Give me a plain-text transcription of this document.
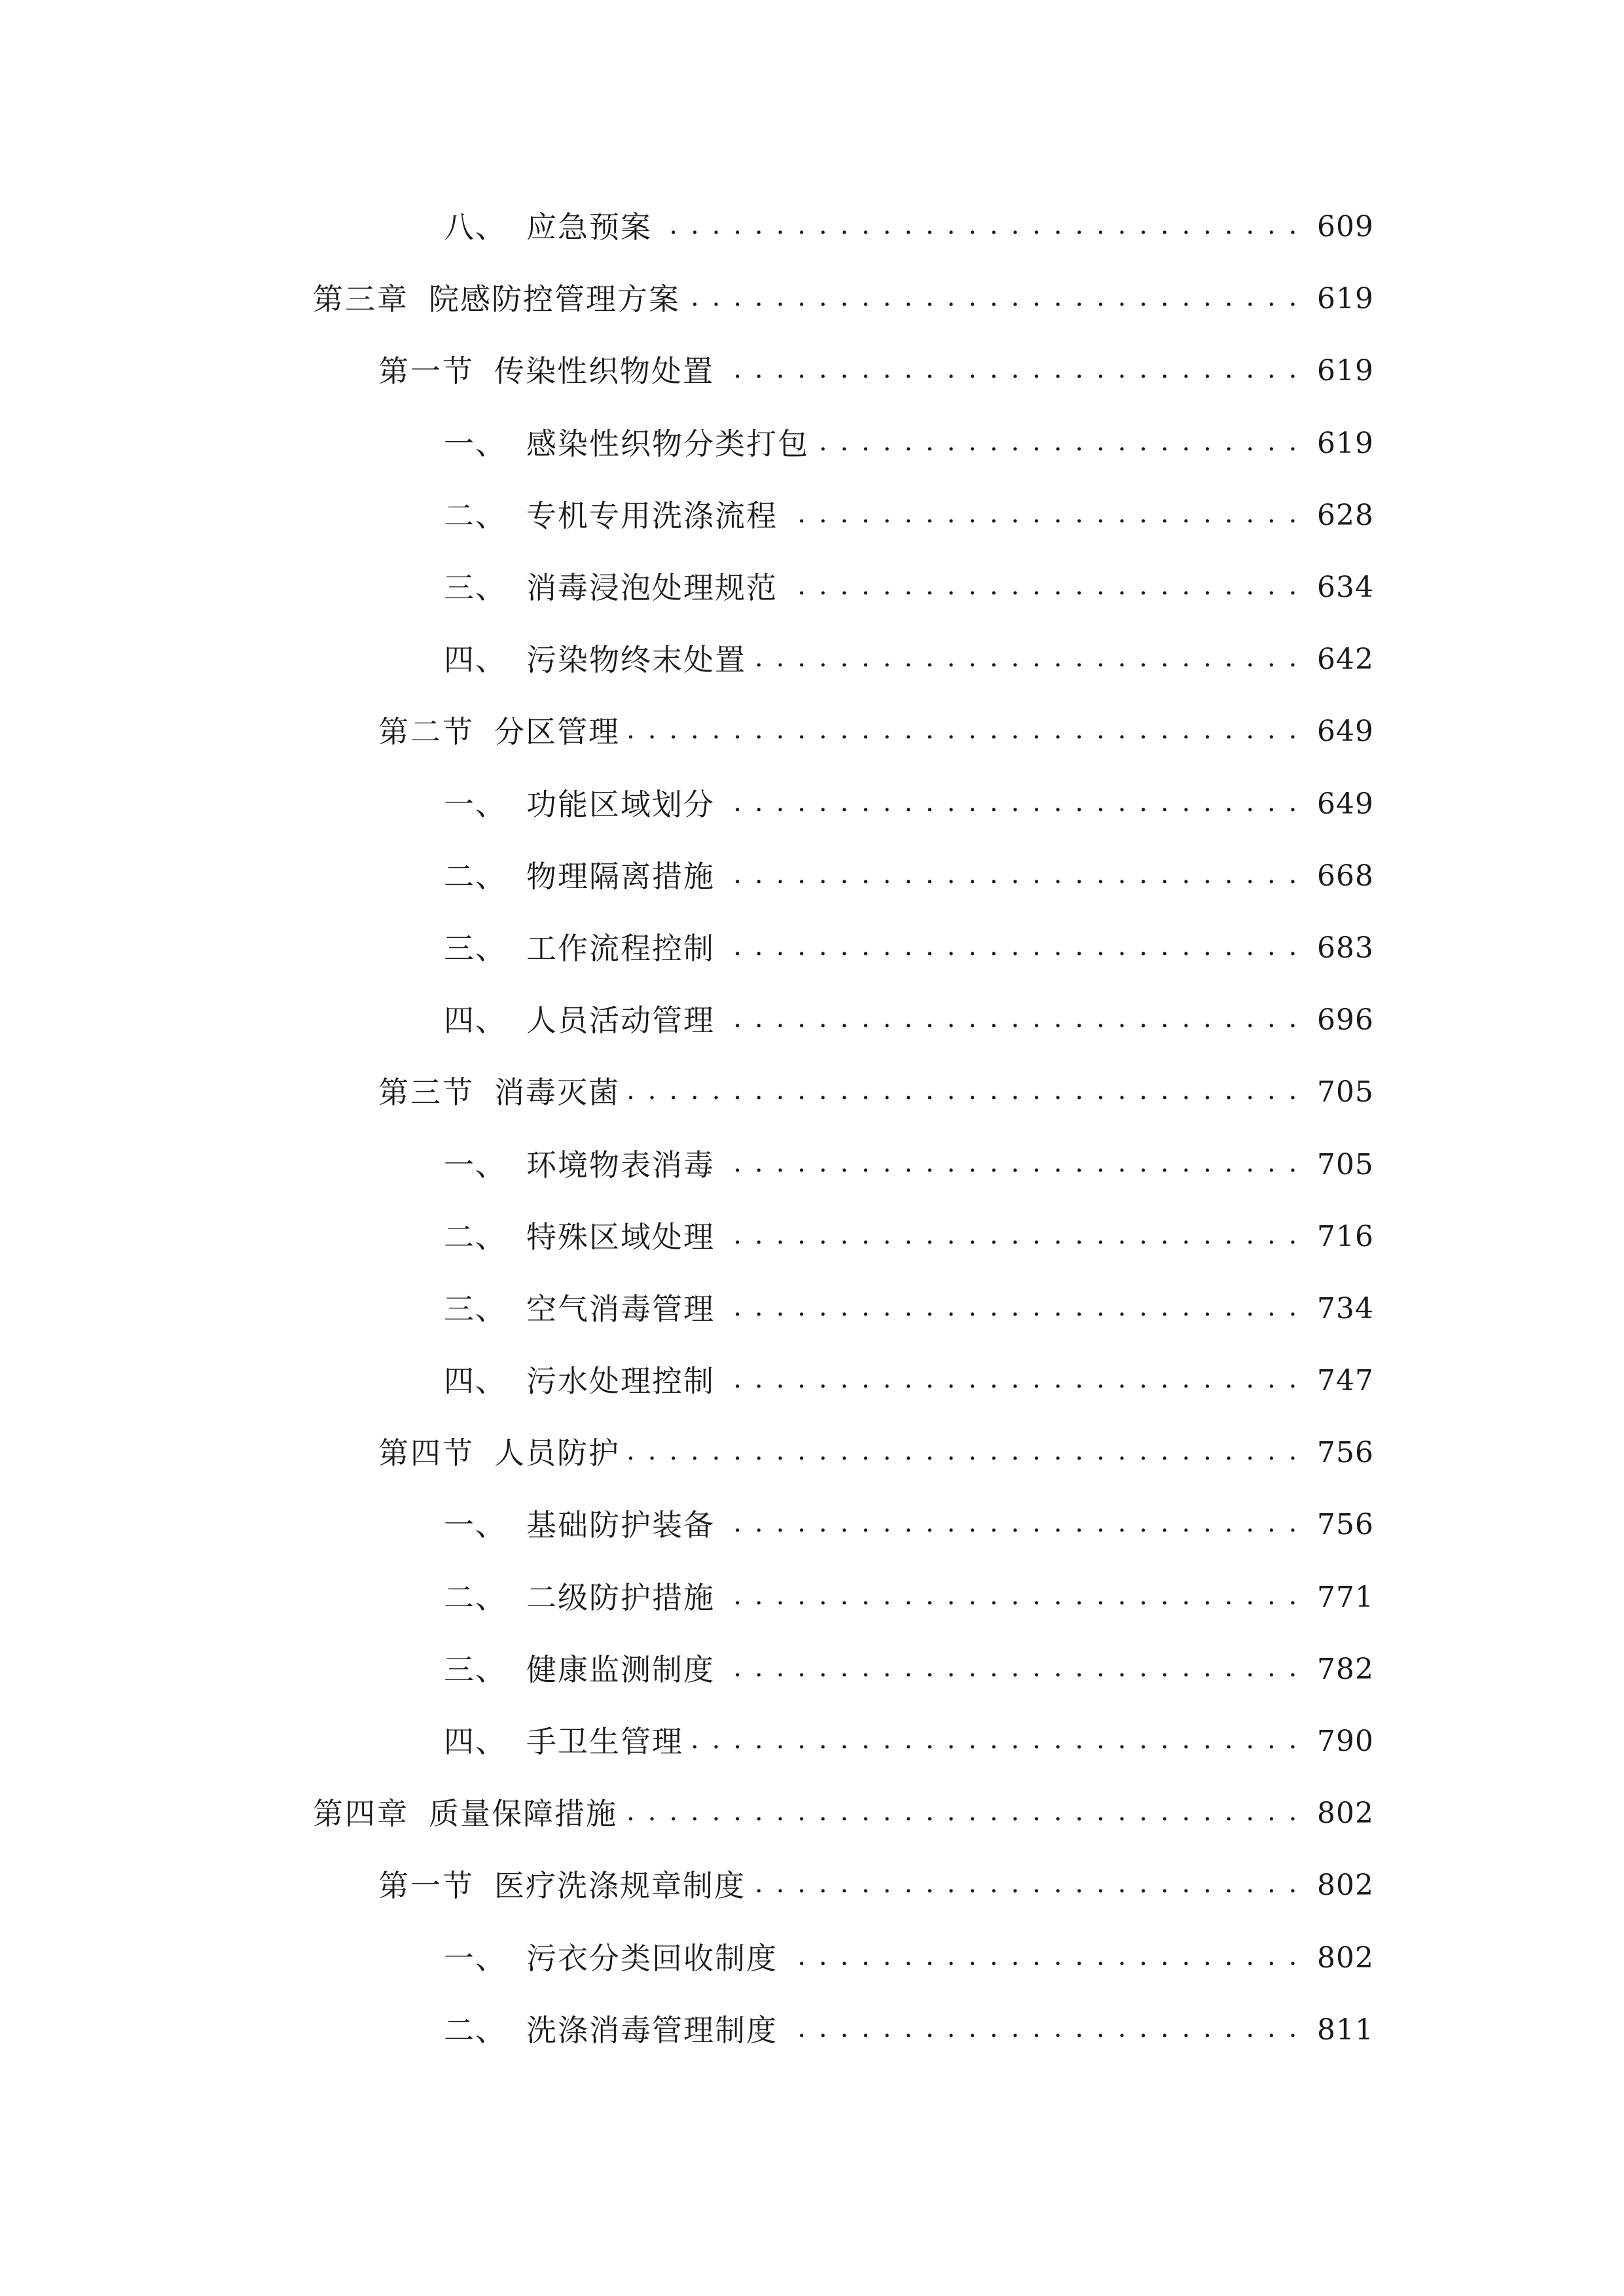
八、 应急预案 . . .	609
第三章 院感防控管理方案 . . .	619
第一节 传染性织物处置 . . .	619
一、 感染性织物分类打包 . . .	619
二、 专机专用洗涤流程 . . .	628
三、 消毒浸泡处理规范 . . .	634
四、 污染物终末处置 . . .	642
第二节 分区管理 . . .	649
一、 功能区域划分 . . .	649
二、 物理隔离措施 . . .	668
三、 工作流程控制 . . .	683
四、 人员活动管理 . . .	696
第三节 消毒灭菌 . . .	705
一、 环境物表消毒 . . .	705
二、 特殊区域处理 . . .	716
三、 空气消毒管理 . . .	734
四、 污水处理控制 . . .	747
第四节 人员防护 . . .	756
一、 基础防护装备 . . .	756
二、 二级防护措施 . . .	771
三、 健康监测制度 . . .	782
四、 手卫生管理 . . .	790
第四章 质量保障措施 . . .	802
第一节 医疗洗涤规章制度 . . .	802
一、 污衣分类回收制度 . . .	802
二、 洗涤消毒管理制度 . . .	811
